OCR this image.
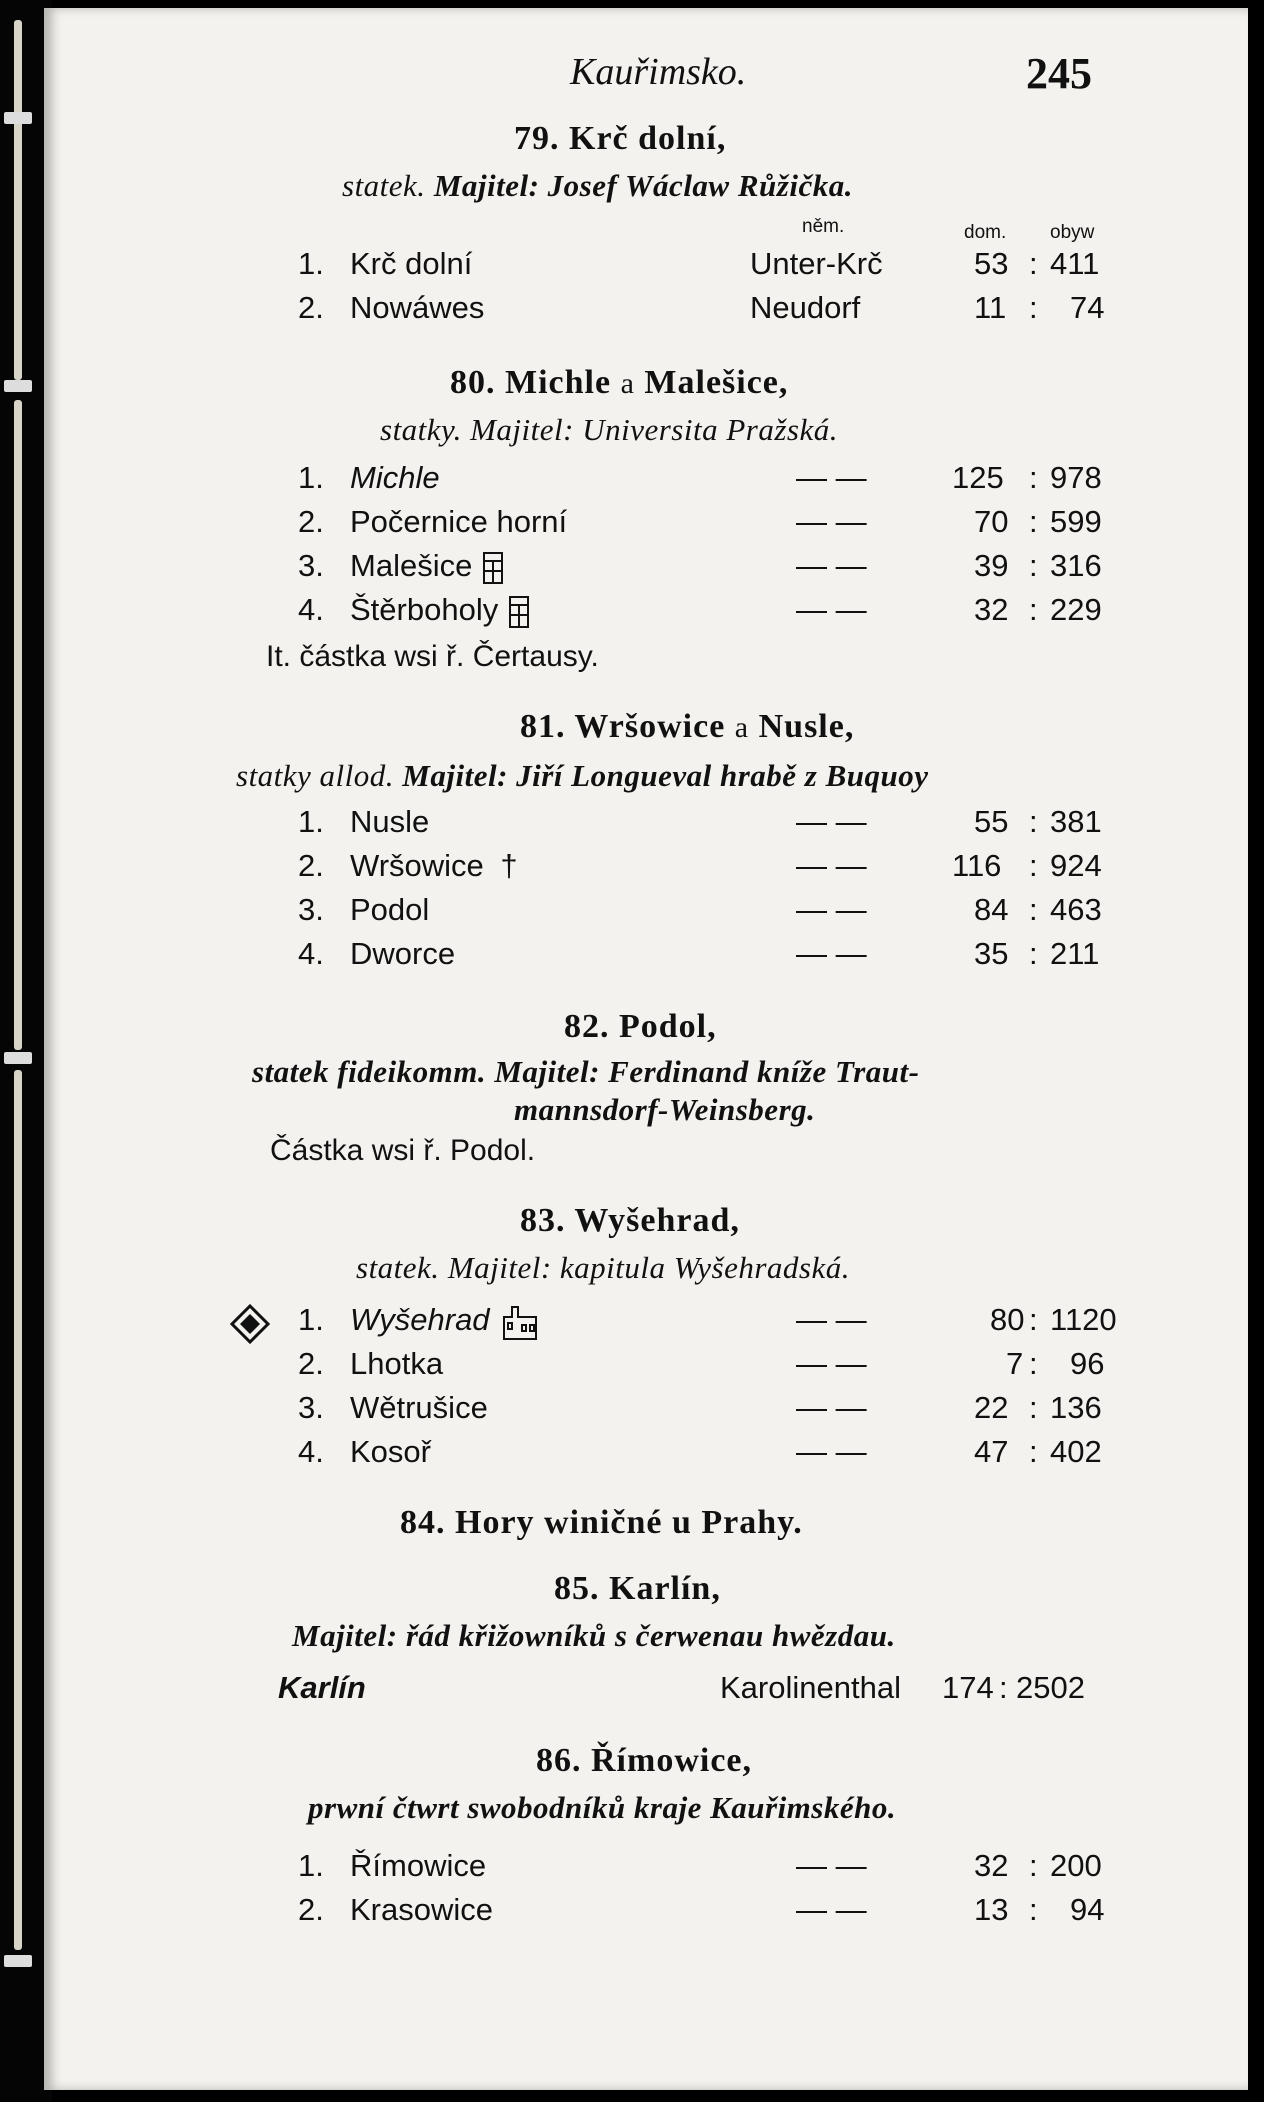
Kauřimsko.	245
79. Krč dolní,
statek. Majitel: Josef Wáclaw Růžička.
něm.	dom. obyw
1. Krč dolní	Unter-Krč	53 : 411
2. Nowáwes	Neudorf	11 : 74
80. Michle a Malešice,
statky. Majitel: Universita Pražská.
1. Michle	— —	125 : 978
2. Počernice horní	— —	70 : 599
3. Malešice	— —	39 : 316
4. Štěrboholy	— —	32 : 229
It. částka wsi ř. Čertausy.
81. Wršowice a Nusle,
statky allod. Majitel: Jiří Longueval hrabě z Buquoy
1. Nusle	— —	55 : 381
2. Wršowice †	— —	116 : 924
3. Podol	— —	84 : 463
4. Dworce	— —	35 : 211
82. Podol,
statek fideikomm. Majitel: Ferdinand kníže Traut-
mannsdorf-Weinsberg.
Částka wsi ř. Podol.
83. Wyšehrad,
statek. Majitel: kapitula Wyšehradská.
1. Wyšehrad	— —	80 : 1120
2. Lhotka	— —	7 : 96
3. Wětrušice	— —	22 : 136
4. Kosoř	— —	47 : 402
84. Hory winičné u Prahy.
85. Karlín,
Majitel: řád křižowníků s čerwenau hwězdau.
Karlín	Karolinenthal 174 : 2502
86. Římowice,
prwní čtwrt swobodníků kraje Kauřimského.
1. Římowice	— —	32 : 200
2. Krasowice	— —	13 : 94
